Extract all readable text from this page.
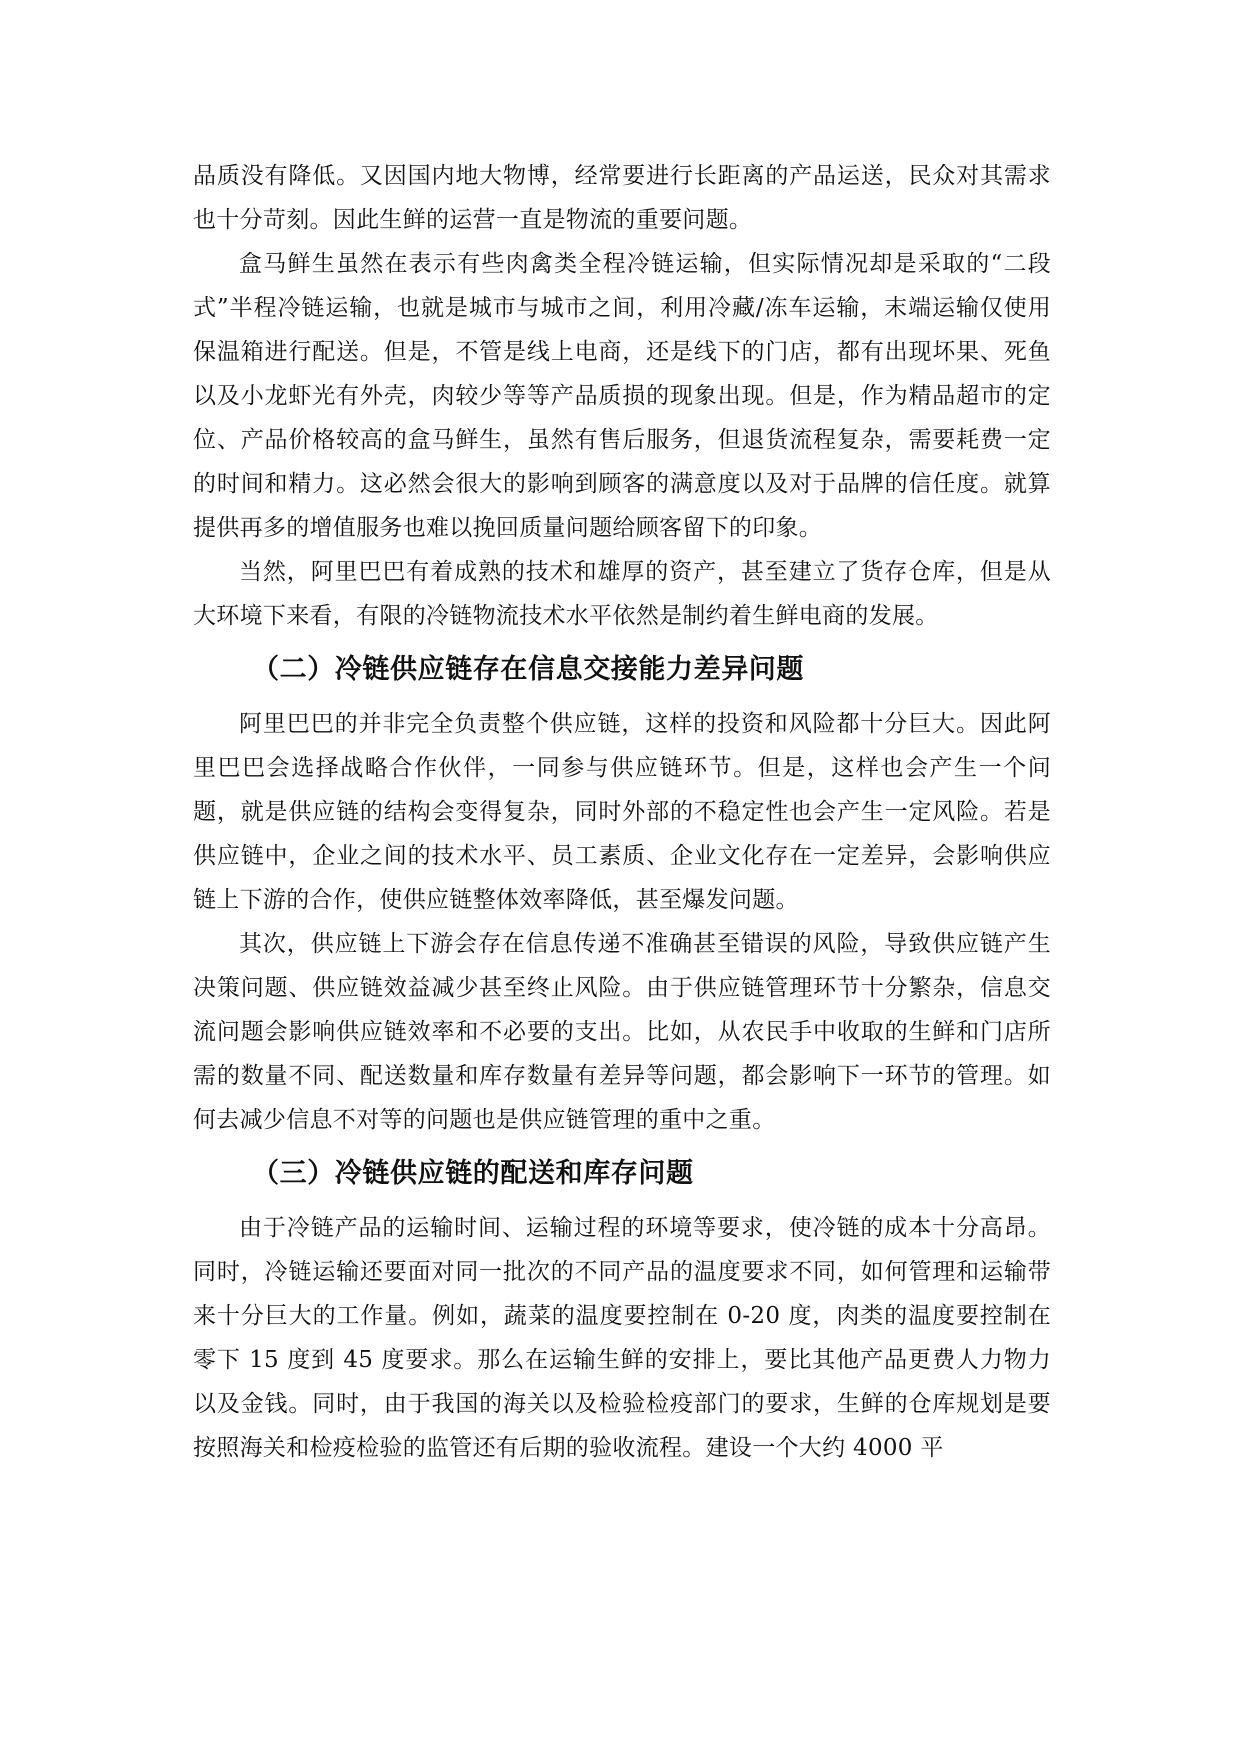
品质没有降低。又因国内地大物博，经常要进行长距离的产品运送，民众对其需求也十分苛刻。因此生鲜的运营一直是物流的重要问题。

盒马鲜生虽然在表示有些肉禽类全程冷链运输，但实际情况却是采取的“二段式”半程冷链运输，也就是城市与城市之间，利用冷藏/冻车运输，末端运输仅使用保温箱进行配送。但是，不管是线上电商，还是线下的门店，都有出现坏果、死鱼以及小龙虾光有外壳，肉较少等等产品质损的现象出现。但是，作为精品超市的定位、产品价格较高的盒马鲜生，虽然有售后服务，但退货流程复杂，需要耗费一定的时间和精力。这必然会很大的影响到顾客的满意度以及对于品牌的信任度。就算提供再多的增值服务也难以挽回质量问题给顾客留下的印象。

当然，阿里巴巴有着成熟的技术和雄厚的资产，甚至建立了货存仓库，但是从大环境下来看，有限的冷链物流技术水平依然是制约着生鲜电商的发展。

（二）冷链供应链存在信息交接能力差异问题

阿里巴巴的并非完全负责整个供应链，这样的投资和风险都十分巨大。因此阿里巴巴会选择战略合作伙伴，一同参与供应链环节。但是，这样也会产生一个问题，就是供应链的结构会变得复杂，同时外部的不稳定性也会产生一定风险。若是供应链中，企业之间的技术水平、员工素质、企业文化存在一定差异，会影响供应链上下游的合作，使供应链整体效率降低，甚至爆发问题。

其次，供应链上下游会存在信息传递不准确甚至错误的风险，导致供应链产生决策问题、供应链效益减少甚至终止风险。由于供应链管理环节十分繁杂，信息交流问题会影响供应链效率和不必要的支出。比如，从农民手中收取的生鲜和门店所需的数量不同、配送数量和库存数量有差异等问题，都会影响下一环节的管理。如何去减少信息不对等的问题也是供应链管理的重中之重。

（三）冷链供应链的配送和库存问题

由于冷链产品的运输时间、运输过程的环境等要求，使冷链的成本十分高昂。同时，冷链运输还要面对同一批次的不同产品的温度要求不同，如何管理和运输带来十分巨大的工作量。例如，蔬菜的温度要控制在 0-20 度，肉类的温度要控制在零下 15 度到 45 度要求。那么在运输生鲜的安排上，要比其他产品更费人力物力以及金钱。同时，由于我国的海关以及检验检疫部门的要求，生鲜的仓库规划是要按照海关和检疫检验的监管还有后期的验收流程。建设一个大约 4000 平
